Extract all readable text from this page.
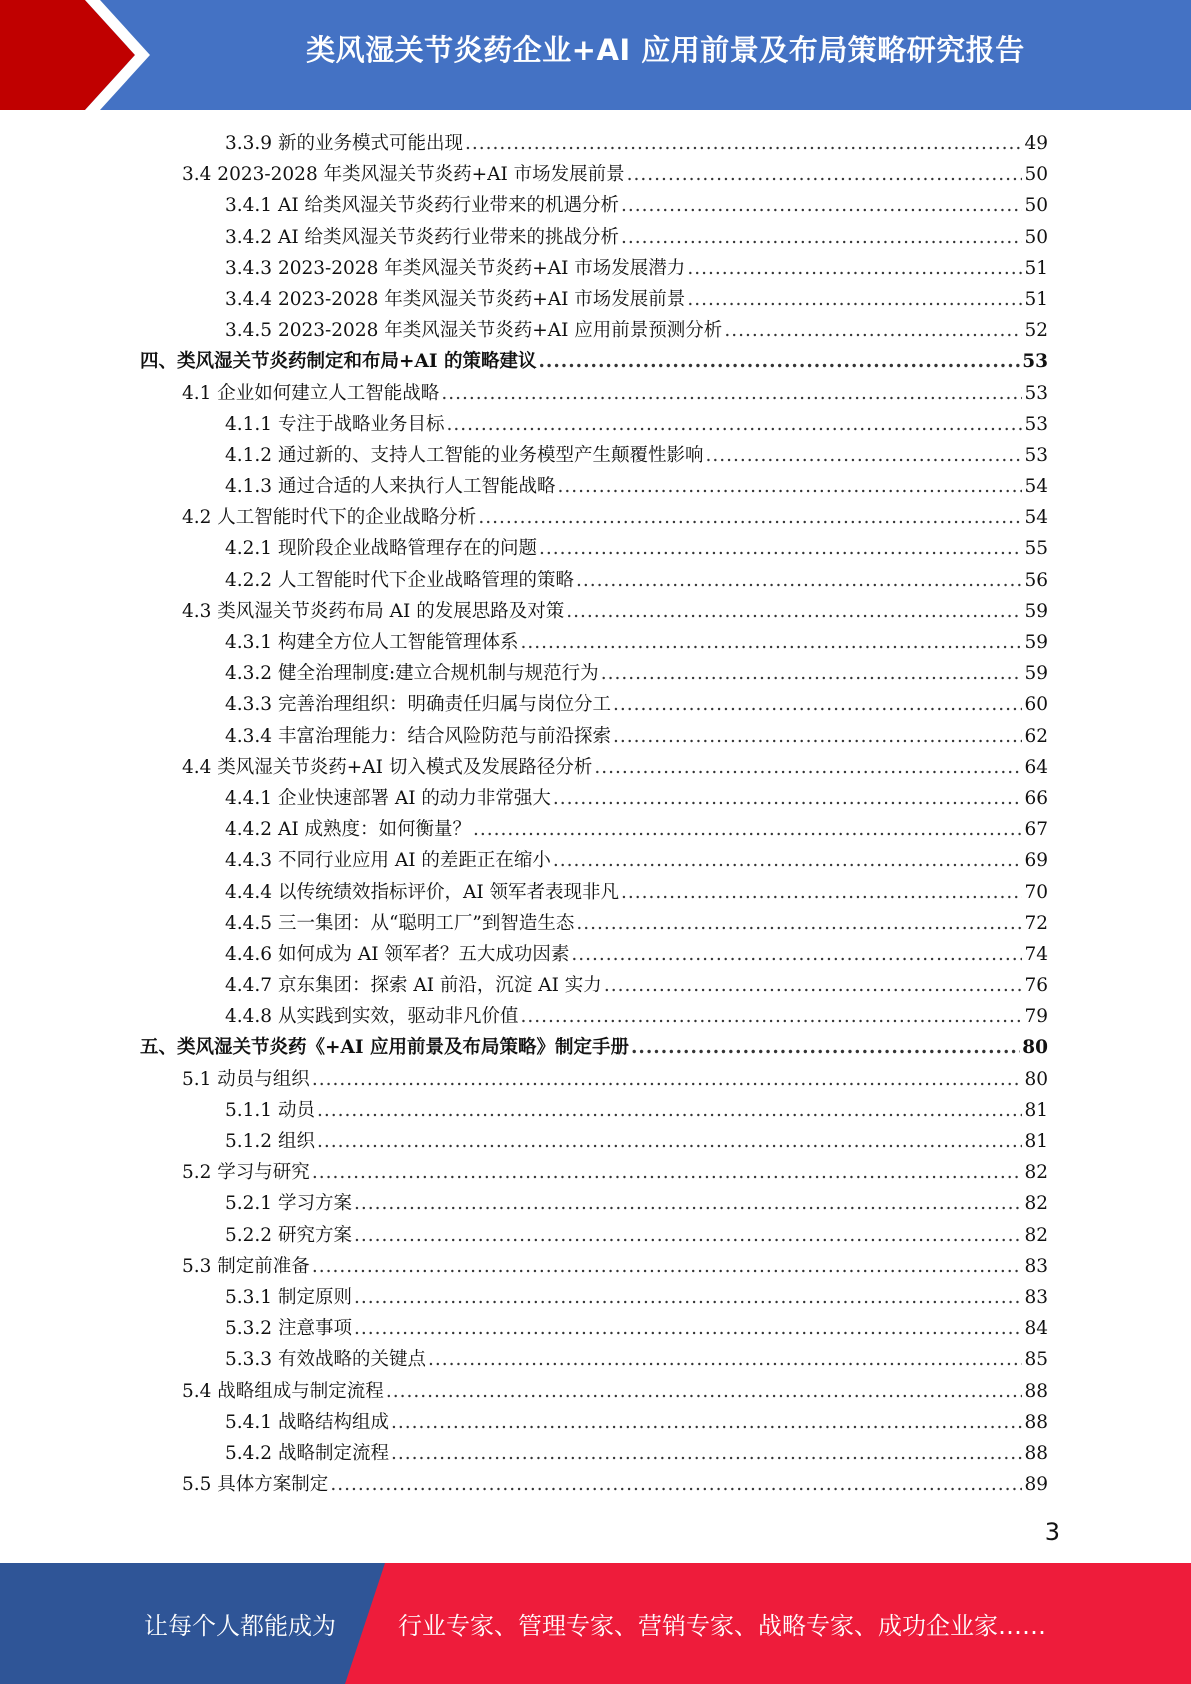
类风湿关节炎药企业+AI 应用前景及布局策略研究报告
3.3.9 新的业务模式可能出现 .....	49
3.4 2023-2028 年类风湿关节炎药+AI 市场发展前景 .....	50
3.4.1 AI 给类风湿关节炎药行业带来的机遇分析 .....	50
3.4.2 AI 给类风湿关节炎药行业带来的挑战分析 .....	50
3.4.3 2023-2028 年类风湿关节炎药+AI 市场发展潜力 .....	51
3.4.4 2023-2028 年类风湿关节炎药+AI 市场发展前景 .....	51
3.4.5 2023-2028 年类风湿关节炎药+AI 应用前景预测分析 .....	52
四、类风湿关节炎药制定和布局+AI 的策略建议 .....	53
4.1 企业如何建立人工智能战略 .....	53
4.1.1 专注于战略业务目标 .....	53
4.1.2 通过新的、支持人工智能的业务模型产生颠覆性影响 .....	53
4.1.3 通过合适的人来执行人工智能战略 .....	54
4.2 人工智能时代下的企业战略分析 .....	54
4.2.1 现阶段企业战略管理存在的问题 .....	55
4.2.2 人工智能时代下企业战略管理的策略 .....	56
4.3 类风湿关节炎药布局 AI 的发展思路及对策 .....	59
4.3.1 构建全方位人工智能管理体系 .....	59
4.3.2 健全治理制度:建立合规机制与规范行为 .....	59
4.3.3 完善治理组织：明确责任归属与岗位分工 .....	60
4.3.4 丰富治理能力：结合风险防范与前沿探索 .....	62
4.4 类风湿关节炎药+AI 切入模式及发展路径分析 .....	64
4.4.1 企业快速部署 AI 的动力非常强大 .....	66
4.4.2 AI 成熟度：如何衡量？ .....	67
4.4.3 不同行业应用 AI 的差距正在缩小 .....	69
4.4.4 以传统绩效指标评价，AI 领军者表现非凡 .....	70
4.4.5 三一集团：从“聪明工厂”到智造生态 .....	72
4.4.6 如何成为 AI 领军者？五大成功因素 .....	74
4.4.7 京东集团：探索 AI 前沿，沉淀 AI 实力 .....	76
4.4.8 从实践到实效，驱动非凡价值 .....	79
五、类风湿关节炎药《+AI 应用前景及布局策略》制定手册 .....	80
5.1 动员与组织 .....	80
5.1.1 动员 .....	81
5.1.2 组织 .....	81
5.2 学习与研究 .....	82
5.2.1 学习方案 .....	82
5.2.2 研究方案 .....	82
5.3 制定前准备 .....	83
5.3.1 制定原则 .....	83
5.3.2 注意事项 .....	84
5.3.3 有效战略的关键点 .....	85
5.4 战略组成与制定流程 .....	88
5.4.1 战略结构组成 .....	88
5.4.2 战略制定流程 .....	88
5.5 具体方案制定 .....	89
3
让每个人都能成为	行业专家、管理专家、营销专家、战略专家、成功企业家……
